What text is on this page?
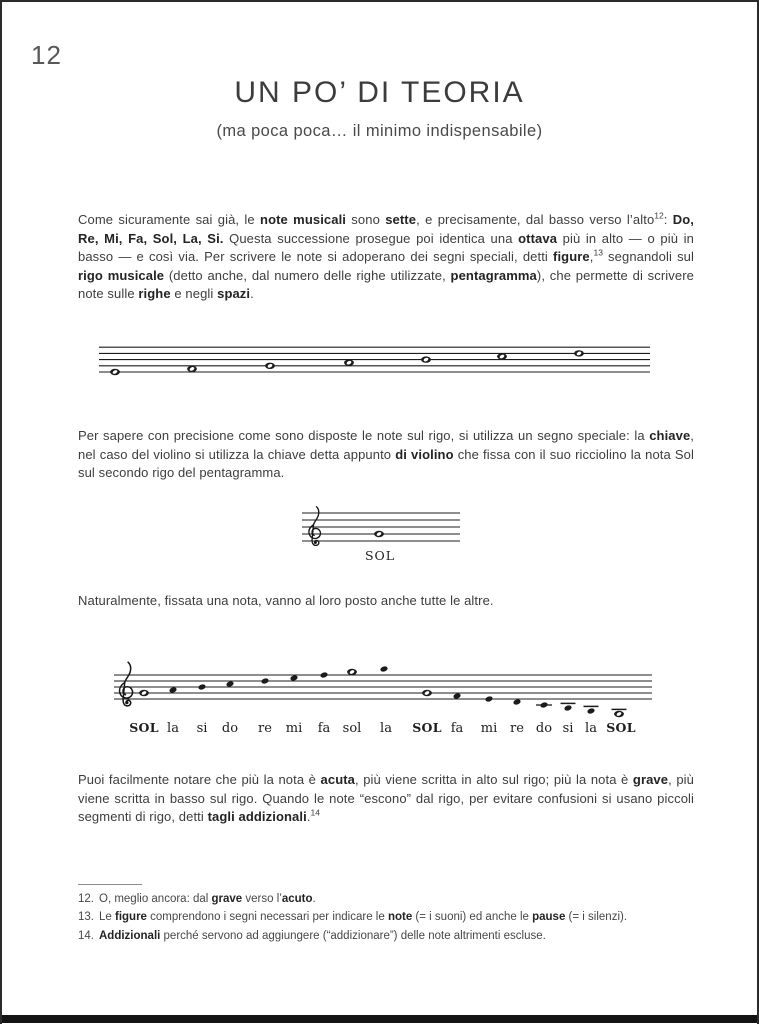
12
UN PO’ DI TEORIA
(ma poca poca… il minimo indispensabile)
Come sicuramente sai già, le note musicali sono sette, e precisamente, dal basso verso l’alto$^{12}$: Do, Re, Mi, Fa, Sol, La, Si. Questa successione prosegue poi identica una ottava più in alto — o più in basso — e così via. Per scrivere le note si adoperano dei segni speciali, detti figure,$^{13}$ segnandoli sul rigo musicale (detto anche, dal numero delle righe utilizzate, pentagramma), che permette di scrivere note sulle righe e negli spazi.
Per sapere con precisione come sono disposte le note sul rigo, si utilizza un segno speciale: la chiave, nel caso del violino si utilizza la chiave detta appunto di violino che fissa con il suo ricciolino la nota Sol sul secondo rigo del pentagramma.
SOL
Naturalmente, fissata una nota, vanno al loro posto anche tutte le altre.
SOL la si do re mi fa sol la SOL fa mi re do si la SOL
Puoi facilmente notare che più la nota è acuta, più viene scritta in alto sul rigo; più la nota è grave, più viene scritta in basso sul rigo. Quando le note “escono” dal rigo, per evitare confusioni si usano piccoli segmenti di rigo, detti tagli addizionali.$^{14}$
12. O, meglio ancora: dal grave verso l’acuto.
13. Le figure comprendono i segni necessari per indicare le note (= i suoni) ed anche le pause (= i silenzi).
14. Addizionali perché servono ad aggiungere (“addizionare”) delle note altrimenti escluse.
